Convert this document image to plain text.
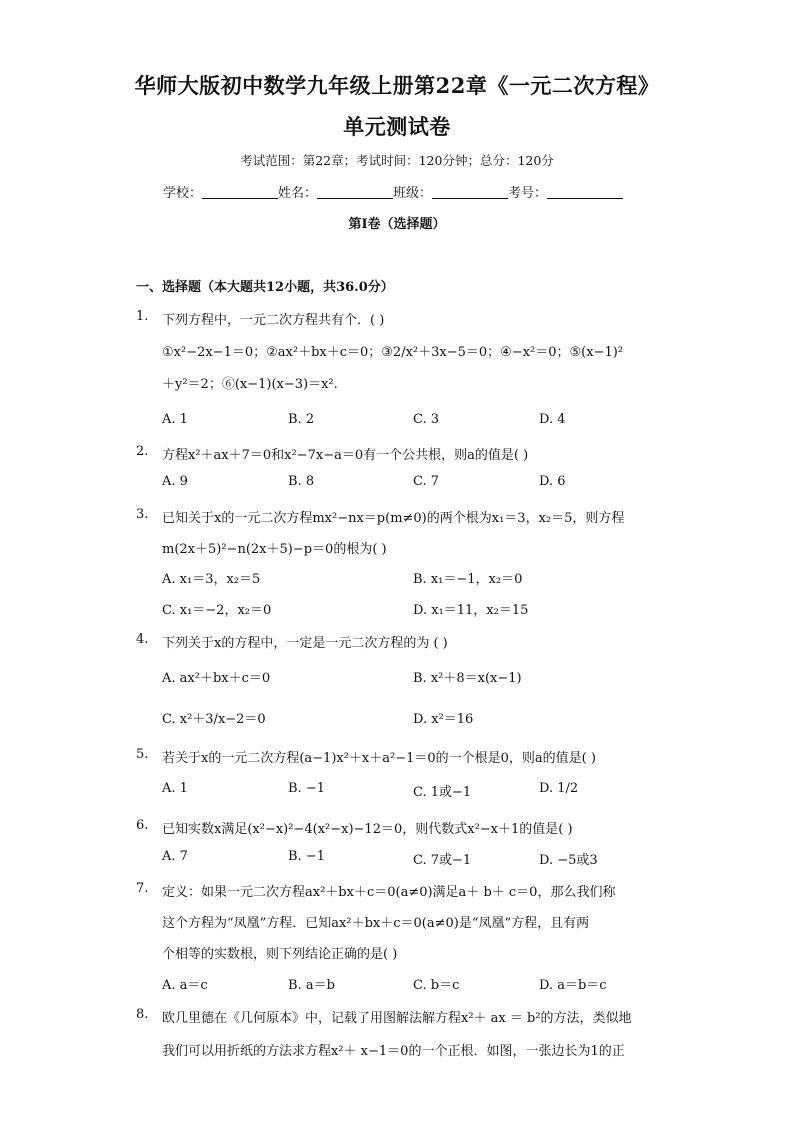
华师大版初中数学九年级上册第22章《一元二次方程》
单元测试卷
考试范围：第22章；考试时间：120分钟；总分：120分
学校：	姓名：	班级：	考号：
第I卷（选择题）
一、选择题（本大题共12小题，共36.0分）
1. 下列方程中，一元二次方程共有个．( )
①x²−2x−1＝0；②ax²＋bx＋c＝0；③2/x²＋3x−5＝0；④−x²＝0；⑤(x−1)²
＋y²＝2；⑥(x−1)(x−3)＝x².
A. 1	B. 2	C. 3	D. 4
2. 方程x²＋ax＋7＝0和x²−7x−a＝0有一个公共根，则a的值是( )
A. 9	B. 8	C. 7	D. 6
3. 已知关于x的一元二次方程mx²−nx＝p(m≠0)的两个根为x₁＝3，x₂＝5，则方程
m(2x＋5)²−n(2x＋5)−p＝0的根为( )
A. x₁＝3，x₂＝5	B. x₁＝−1，x₂＝0
C. x₁＝−2，x₂＝0	D. x₁＝11，x₂＝15
4. 下列关于x的方程中，一定是一元二次方程的为 ( )
A. ax²＋bx＋c＝0	B. x²＋8＝x(x−1)
C. x²＋3/x−2＝0	D. x²＝16
5. 若关于x的一元二次方程(a−1)x²＋x＋a²−1＝0的一个根是0，则a的值是( )
A. 1	B. −1	C. 1或−1	D. 1/2
6. 已知实数x满足(x²−x)²−4(x²−x)−12＝0，则代数式x²−x＋1的值是( )
A. 7	B. −1	C. 7或−1	D. −5或3
7. 定义：如果一元二次方程ax²＋bx＋c＝0(a≠0)满足a＋ b＋ c＝0，那么我们称
这个方程为“凤凰”方程．已知ax²＋bx＋c＝0(a≠0)是“凤凰”方程，且有两
个相等的实数根，则下列结论正确的是( )
A. a＝c	B. a＝b	C. b＝c	D. a＝b＝c
8. 欧几里德在《几何原本》中，记载了用图解法解方程x²＋ ax ＝ b²的方法，类似地
我们可以用折纸的方法求方程x²＋ x−1＝0的一个正根．如图，一张边长为1的正
